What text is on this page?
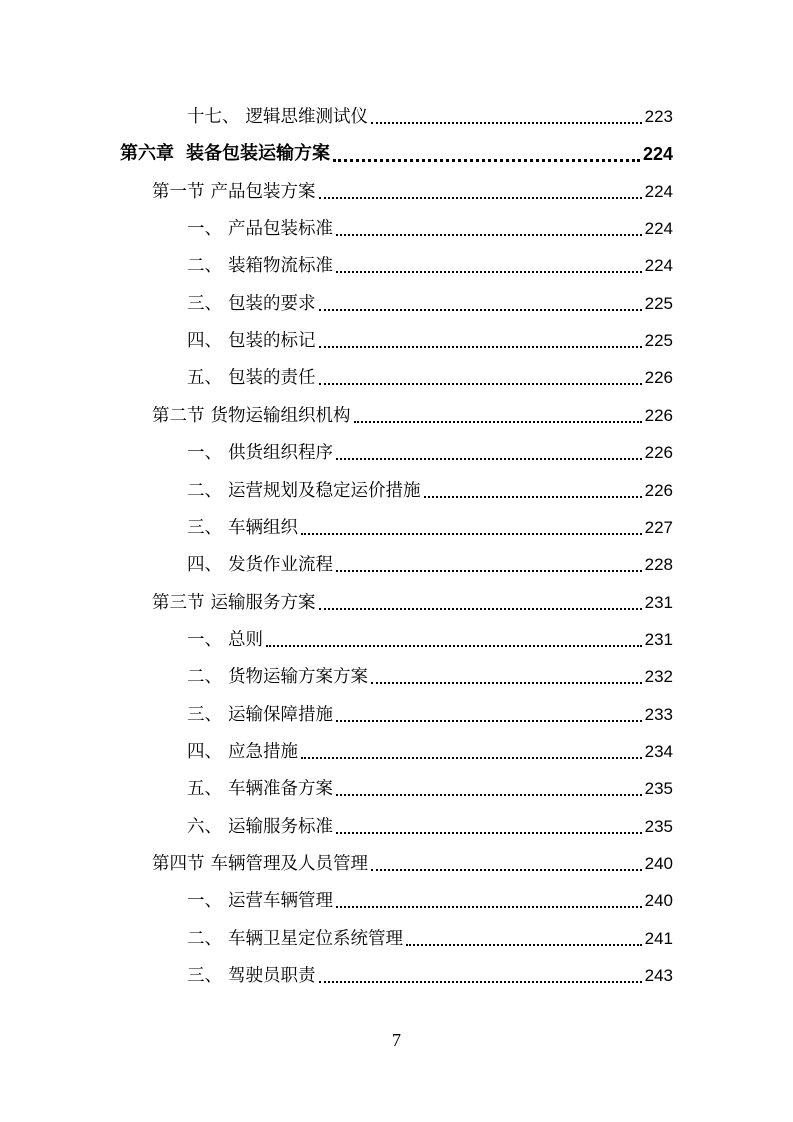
十七、 逻辑思维测试仪	223
第六章 装备包装运输方案	224
第一节 产品包装方案	224
一、 产品包装标准	224
二、 装箱物流标准	224
三、 包装的要求	225
四、 包装的标记	225
五、 包装的责任	226
第二节 货物运输组织机构	226
一、 供货组织程序	226
二、 运营规划及稳定运价措施	226
三、 车辆组织	227
四、 发货作业流程	228
第三节 运输服务方案	231
一、 总则	231
二、 货物运输方案方案	232
三、 运输保障措施	233
四、 应急措施	234
五、 车辆准备方案	235
六、 运输服务标准	235
第四节 车辆管理及人员管理	240
一、 运营车辆管理	240
二、 车辆卫星定位系统管理	241
三、 驾驶员职责	243
7
